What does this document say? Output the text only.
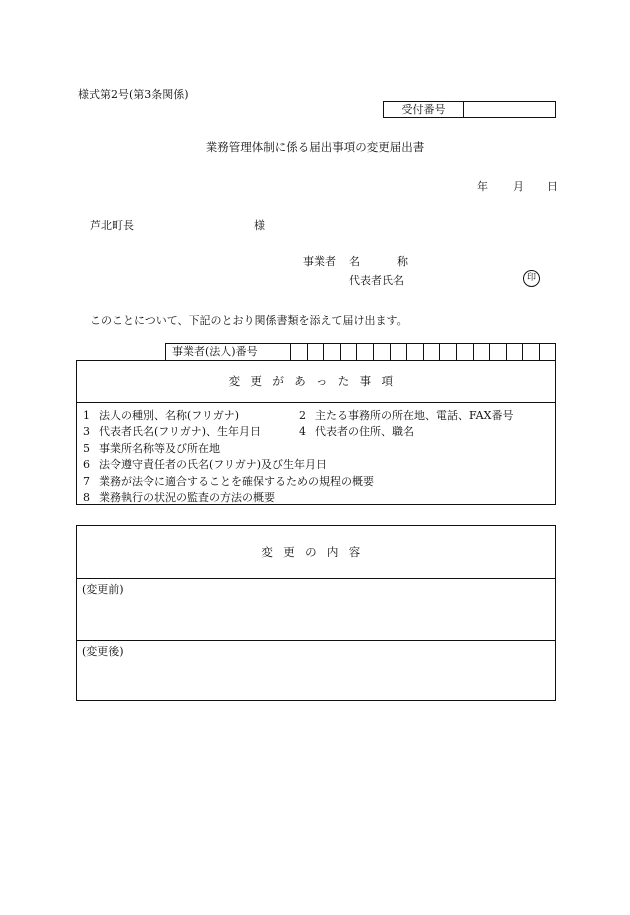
様式第2号(第3条関係)
受付番号
業務管理体制に係る届出事項の変更届出書
年 月 日
芦北町長	様
事業者 名	称
代表者氏名	印
このことについて、下記のとおり関係書類を添えて届け出ます。
事業者(法人)番号
変更があった事項
1 法人の種別、名称(フリガナ)	2 主たる事務所の所在地、電話、FAX番号
3 代表者氏名(フリガナ)、生年月日	4 代表者の住所、職名
5 事業所名称等及び所在地
6 法令遵守責任者の氏名(フリガナ)及び生年月日
7 業務が法令に適合することを確保するための規程の概要
8 業務執行の状況の監査の方法の概要
変更の内容
(変更前)
(変更後)
